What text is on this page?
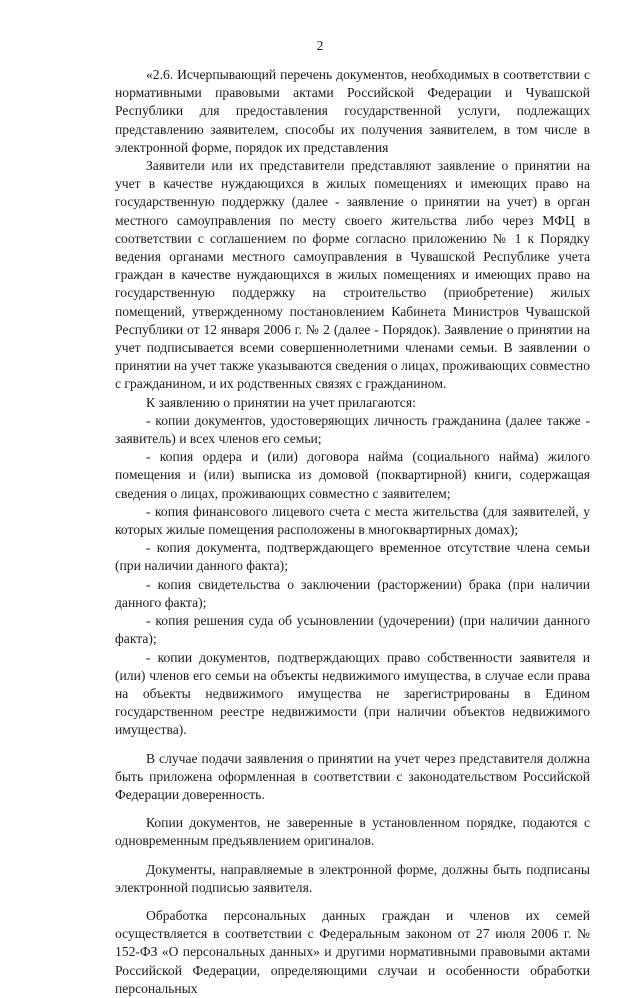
2

«2.6. Исчерпывающий перечень документов, необходимых в соответствии с нормативными правовыми актами Российской Федерации и Чувашской Республики для предоставления государственной услуги, подлежащих представлению заявителем, способы их получения заявителем, в том числе в электронной форме, порядок их представления

Заявители или их представители представляют заявление о принятии на учет в качестве нуждающихся в жилых помещениях и имеющих право на государственную поддержку (далее - заявление о принятии на учет) в орган местного самоуправления по месту своего жительства либо через МФЦ в соответствии с соглашением по форме согласно приложению № 1 к Порядку ведения органами местного самоуправления в Чувашской Республике учета граждан в качестве нуждающихся в жилых помещениях и имеющих право на государственную поддержку на строительство (приобретение) жилых помещений, утвержденному постановлением Кабинета Министров Чувашской Республики от 12 января 2006 г. № 2 (далее - Порядок). Заявление о принятии на учет подписывается всеми совершеннолетними членами семьи. В заявлении о принятии на учет также указываются сведения о лицах, проживающих совместно с гражданином, и их родственных связях с гражданином.

К заявлению о принятии на учет прилагаются:

- копии документов, удостоверяющих личность гражданина (далее также - заявитель) и всех членов его семьи;

- копия ордера и (или) договора найма (социального найма) жилого помещения и (или) выписка из домовой (поквартирной) книги, содержащая сведения о лицах, проживающих совместно с заявителем;

- копия финансового лицевого счета с места жительства (для заявителей, у которых жилые помещения расположены в многоквартирных домах);

- копия документа, подтверждающего временное отсутствие члена семьи (при наличии данного факта);

- копия свидетельства о заключении (расторжении) брака (при наличии данного факта);

- копия решения суда об усыновлении (удочерении) (при наличии данного факта);

- копии документов, подтверждающих право собственности заявителя и (или) членов его семьи на объекты недвижимого имущества, в случае если права на объекты недвижимого имущества не зарегистрированы в Едином государственном реестре недвижимости (при наличии объектов недвижимого имущества).

В случае подачи заявления о принятии на учет через представителя должна быть приложена оформленная в соответствии с законодательством Российской Федерации доверенность.

Копии документов, не заверенные в установленном порядке, подаются с одновременным предъявлением оригиналов.

Документы, направляемые в электронной форме, должны быть подписаны электронной подписью заявителя.

Обработка персональных данных граждан и членов их семей осуществляется в соответствии с Федеральным законом от 27 июля 2006 г. № 152-ФЗ «О персональных данных» и другими нормативными правовыми актами Российской Федерации, определяющими случаи и особенности обработки персональных
